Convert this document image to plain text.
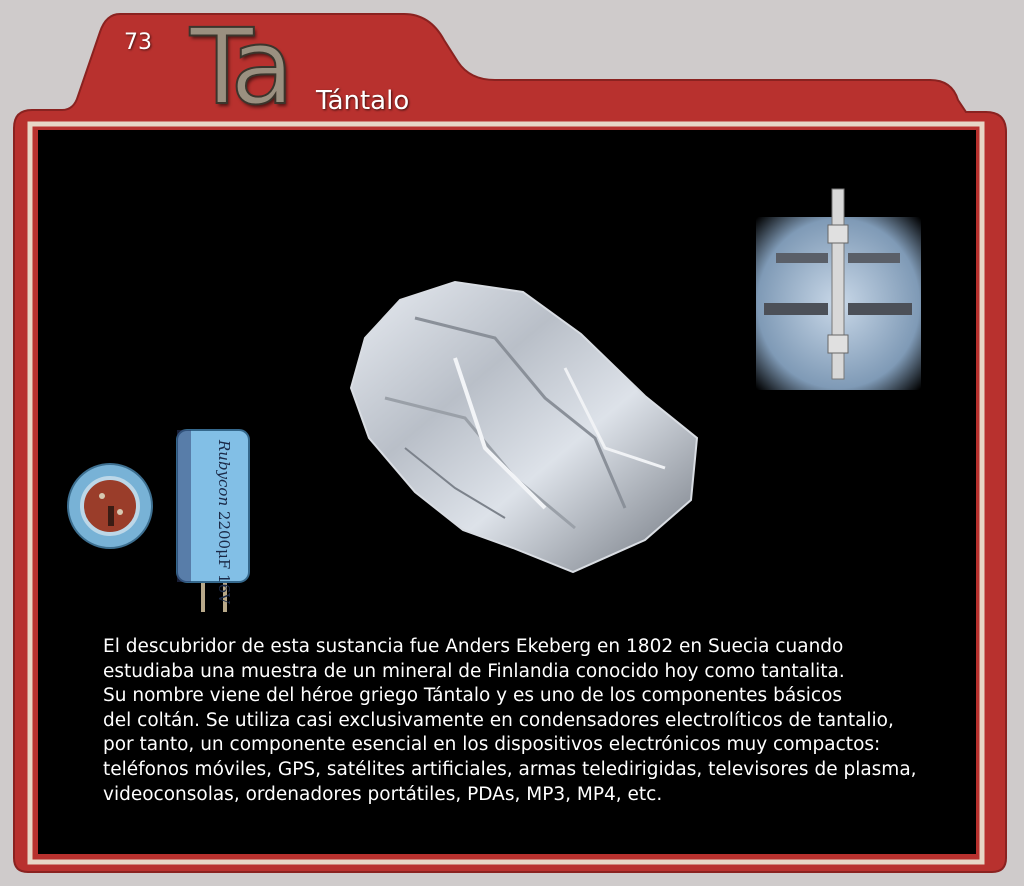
73 Ta Tántalo
Rubycon 2200μF 16V

El descubridor de esta sustancia fue Anders Ekeberg en 1802 en Suecia cuando
estudiaba una muestra de un mineral de Finlandia conocido hoy como tantalita.
Su nombre viene del héroe griego Tántalo y es uno de los componentes básicos
del coltán. Se utiliza casi exclusivamente en condensadores electrolíticos de tantalio,
por tanto, un componente esencial en los dispositivos electrónicos muy compactos:
teléfonos móviles, GPS, satélites artificiales, armas teledirigidas, televisores de plasma,
videoconsolas, ordenadores portátiles, PDAs, MP3, MP4, etc.
